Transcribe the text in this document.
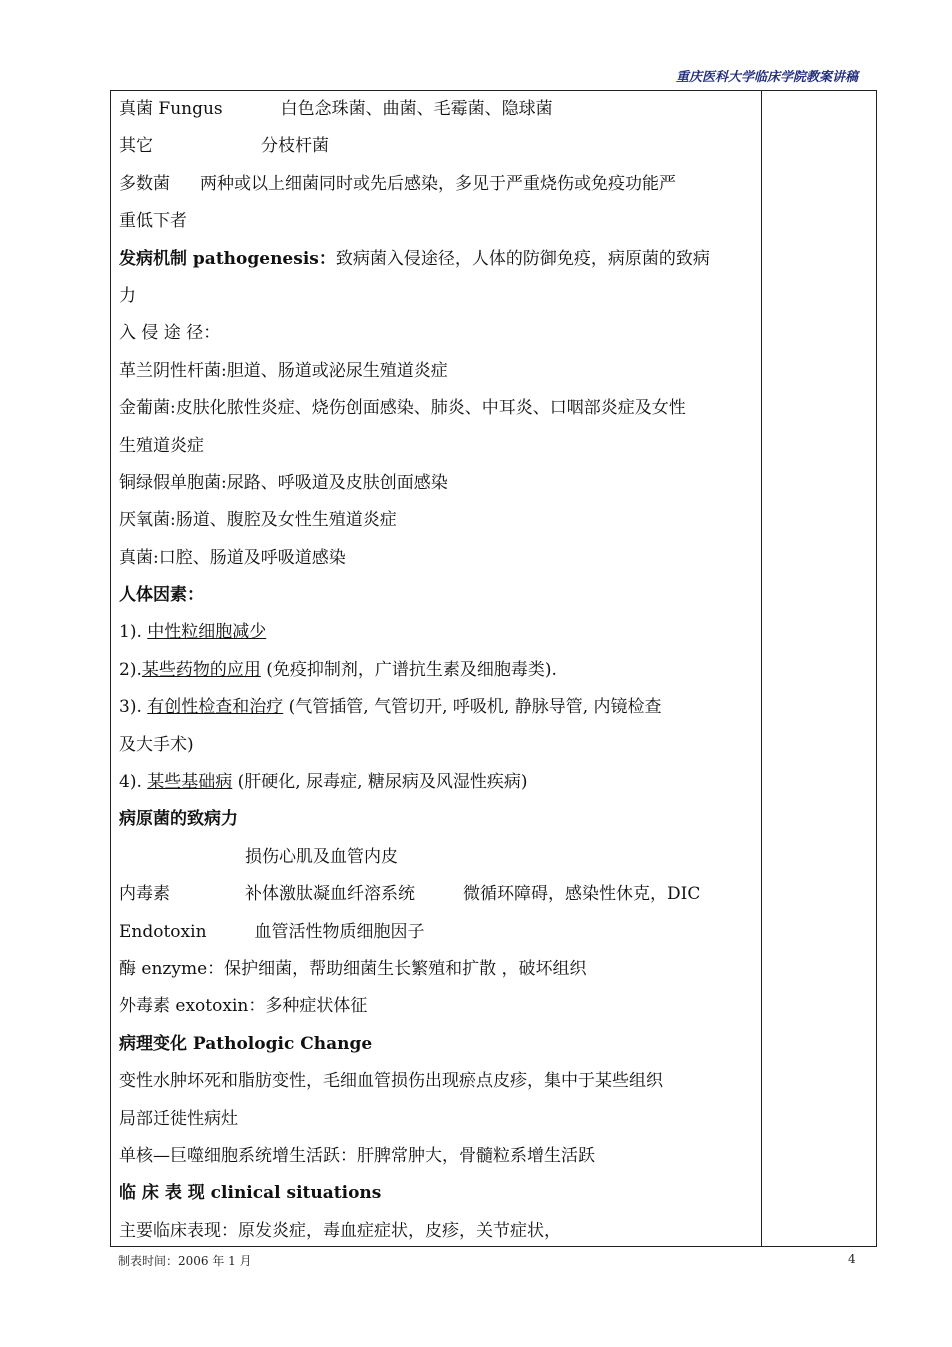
重庆医科大学临床学院教案讲稿
真菌 Fungus	白色念珠菌、曲菌、毛霉菌、隐球菌
其它	分枝杆菌
多数菌 两种或以上细菌同时或先后感染，多见于严重烧伤或免疫功能严
重低下者
发病机制 pathogenesis：致病菌入侵途径，人体的防御免疫，病原菌的致病
力
入 侵 途 径：
革兰阴性杆菌:胆道、肠道或泌尿生殖道炎症
金葡菌:皮肤化脓性炎症、烧伤创面感染、肺炎、中耳炎、口咽部炎症及女性
生殖道炎症
铜绿假单胞菌:尿路、呼吸道及皮肤创面感染
厌氧菌:肠道、腹腔及女性生殖道炎症
真菌:口腔、肠道及呼吸道感染
人体因素：
1). 中性粒细胞减少
2).某些药物的应用 (免疫抑制剂，广谱抗生素及细胞毒类).
3). 有创性检查和治疗 (气管插管, 气管切开, 呼吸机, 静脉导管, 内镜检查
及大手术)
4). 某些基础病 (肝硬化, 尿毒症, 糖尿病及风湿性疾病)
病原菌的致病力
损伤心肌及血管内皮
内毒素	补体激肽凝血纤溶系统	微循环障碍，感染性休克，DIC
Endotoxin	血管活性物质细胞因子
酶 enzyme：保护细菌，帮助细菌生长繁殖和扩散 ，破坏组织
外毒素 exotoxin：多种症状体征
病理变化 Pathologic Change
变性水肿坏死和脂肪变性，毛细血管损伤出现瘀点皮疹，集中于某些组织
局部迁徙性病灶
单核—巨噬细胞系统增生活跃：肝脾常肿大，骨髓粒系增生活跃
临 床 表 现 clinical situations
主要临床表现：原发炎症，毒血症症状，皮疹，关节症状，
制表时间：2006 年 1 月	4
